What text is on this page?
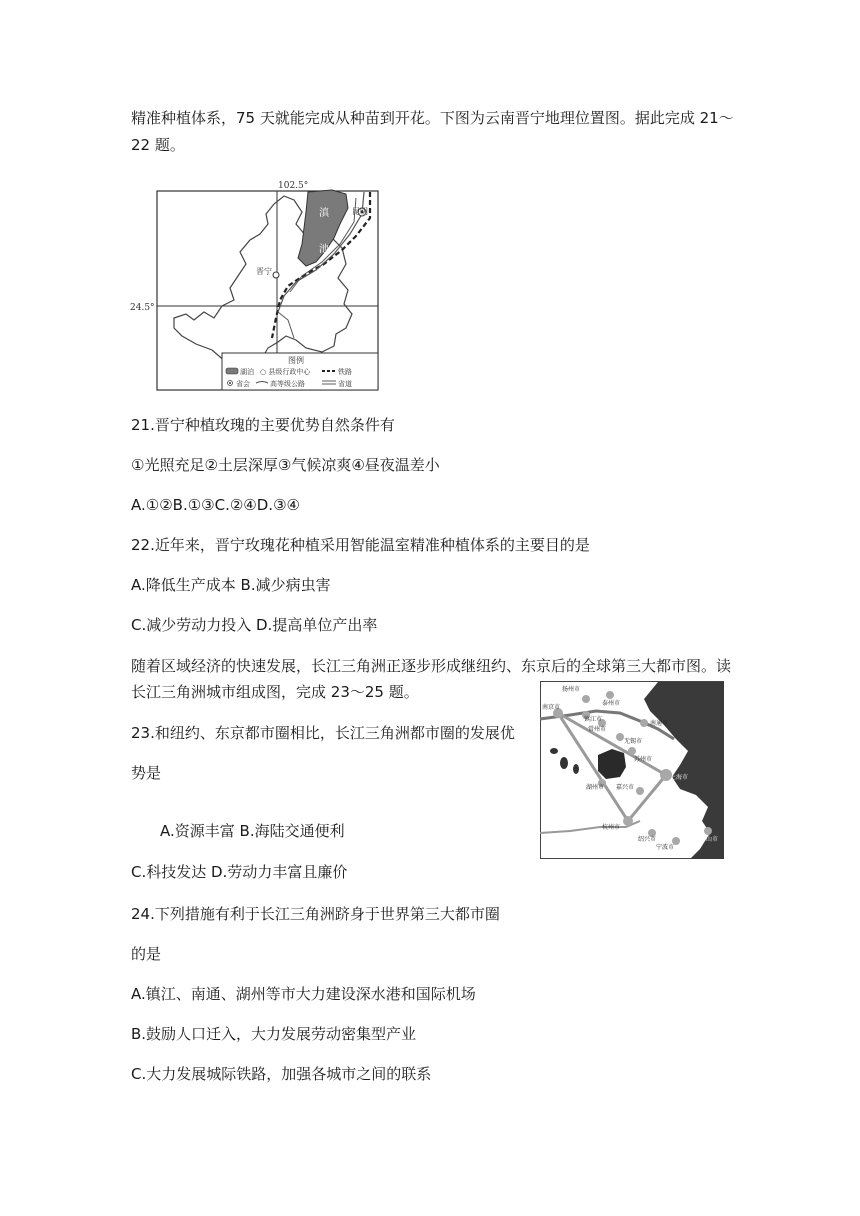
精准种植体系，75 天就能完成从种苗到开花。下图为云南晋宁地理位置图。据此完成 21～
22 题。
102.5°
24.5°
滇
池
昆明
晋宁
图例
湖泊 ○ 县级行政中心	铁路
省会	高等级公路	省道
21.晋宁种植玫瑰的主要优势自然条件有
①光照充足②土层深厚③气候凉爽④昼夜温差小
A.①②B.①③C.②④D.③④
22.近年来，晋宁玫瑰花种植采用智能温室精准种植体系的主要目的是
A.降低生产成本 B.减少病虫害
C.减少劳动力投入 D.提高单位产出率
随着区域经济的快速发展，长江三角洲正逐步形成继纽约、东京后的全球第三大都市图。读
长江三角洲城市组成图，完成 23～25 题。
23.和纽约、东京都市圈相比，长江三角洲都市圈的发展优
势是
A.资源丰富 B.海陆交通便利
C.科技发达 D.劳动力丰富且廉价
扬州市
泰州市
南京市
镇江市
常州市
南通市
无锡市
苏州市
上海市
湖州市 嘉兴市
杭州市
绍兴市
宁波市
舟山市
24.下列措施有利于长江三角洲跻身于世界第三大都市圈
的是
A.镇江、南通、湖州等市大力建设深水港和国际机场
B.鼓励人口迁入，大力发展劳动密集型产业
C.大力发展城际铁路，加强各城市之间的联系
